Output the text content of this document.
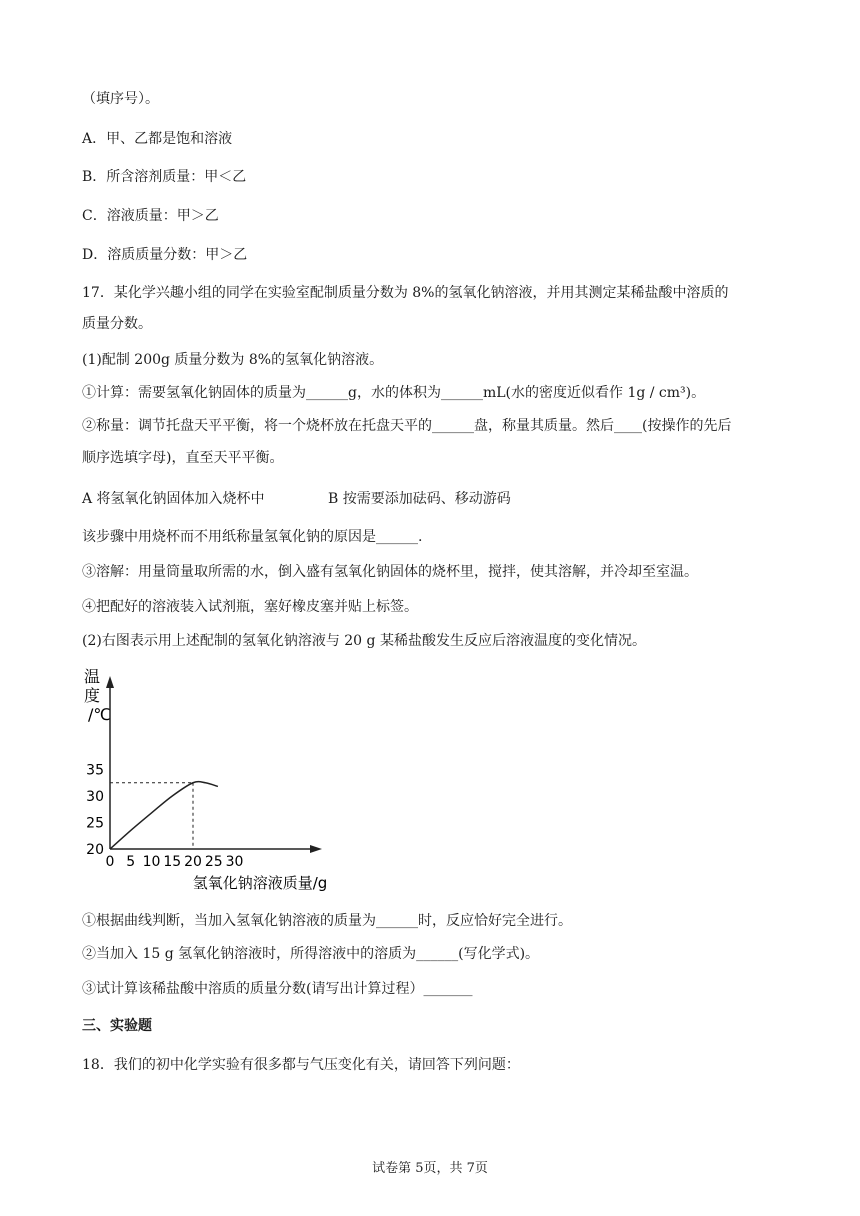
（填序号）。
A．甲、乙都是饱和溶液
B．所含溶剂质量：甲＜乙
C．溶液质量：甲＞乙
D．溶质质量分数：甲＞乙
17．某化学兴趣小组的同学在实验室配制质量分数为 8%的氢氧化钠溶液，并用其测定某稀盐酸中溶质的
质量分数。
(1)配制 200g 质量分数为 8%的氢氧化钠溶液。
①计算：需要氢氧化钠固体的质量为______g，水的体积为______mL(水的密度近似看作 1g / cm³)。
②称量：调节托盘天平平衡，将一个烧杯放在托盘天平的______盘，称量其质量。然后____(按操作的先后
顺序选填字母)，直至天平平衡。
A 将氢氧化钠固体加入烧杯中	B 按需要添加砝码、移动游码
该步骤中用烧杯而不用纸称量氢氧化钠的原因是______.
③溶解：用量筒量取所需的水，倒入盛有氢氧化钠固体的烧杯里，搅拌，使其溶解，并冷却至室温。
④把配好的溶液装入试剂瓶，塞好橡皮塞并贴上标签。
(2)右图表示用上述配制的氢氧化钠溶液与 20 g 某稀盐酸发生反应后溶液温度的变化情况。
温
度
/℃
0 5 10 15 20 25 30
20
25
30
35
氢氧化钠溶液质量/g
①根据曲线判断，当加入氢氧化钠溶液的质量为______时，反应恰好完全进行。
②当加入 15 g 氢氧化钠溶液时，所得溶液中的溶质为______(写化学式)。
③试计算该稀盐酸中溶质的质量分数(请写出计算过程）_______
三、实验题
18．我们的初中化学实验有很多都与气压变化有关，请回答下列问题：
试卷第 5页，共 7页
